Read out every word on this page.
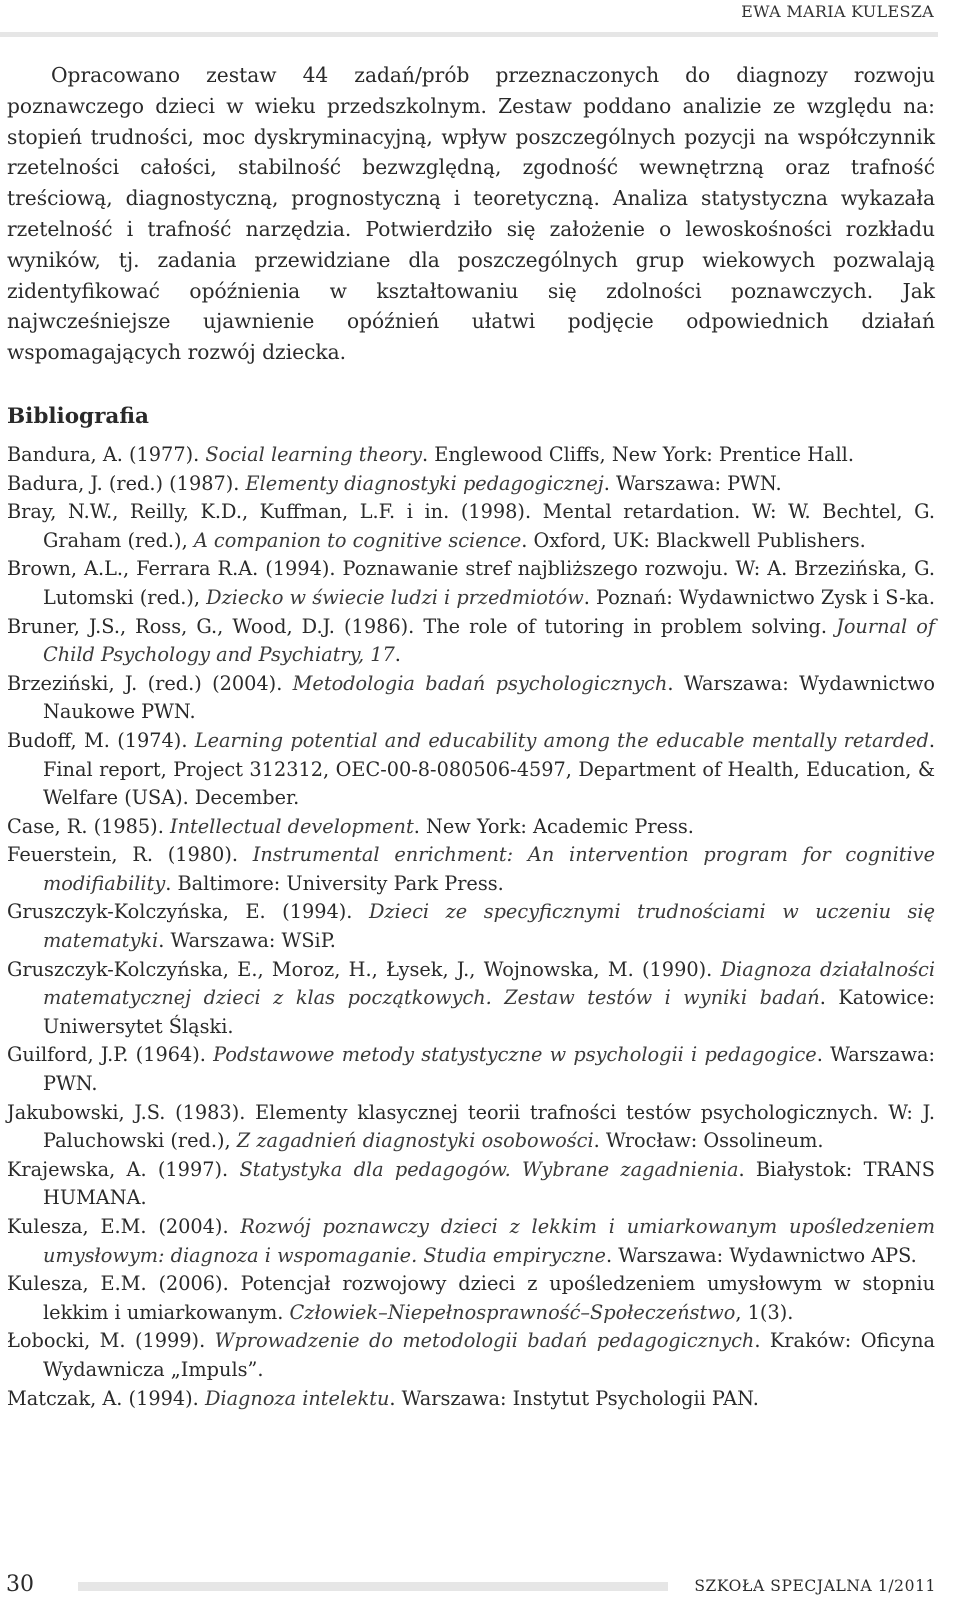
EWA MARIA KULESZA

Opracowano zestaw 44 zadań/prób przeznaczonych do diagnozy rozwoju poznawczego dzieci w wieku przedszkolnym. Zestaw poddano analizie ze względu na: stopień trudności, moc dyskryminacyjną, wpływ poszczególnych pozycji na współczynnik rzetelności całości, stabilność bezwzględną, zgodność wewnętrzną oraz trafność treściową, diagnostyczną, prognostyczną i teoretyczną. Analiza statystyczna wykazała rzetelność i trafność narzędzia. Potwierdziło się założenie o lewoskośności rozkładu wyników, tj. zadania przewidziane dla poszczególnych grup wiekowych pozwalają zidentyfikować opóźnienia w kształtowaniu się zdolności poznawczych. Jak najwcześniejsze ujawnienie opóźnień ułatwi podjęcie odpowiednich działań wspomagających rozwój dziecka.

Bibliografia
Bandura, A. (1977). Social learning theory. Englewood Cliffs, New York: Prentice Hall.
Badura, J. (red.) (1987). Elementy diagnostyki pedagogicznej. Warszawa: PWN.
Bray, N.W., Reilly, K.D., Kuffman, L.F. i in. (1998). Mental retardation. W: W. Bechtel, G. Graham (red.), A companion to cognitive science. Oxford, UK: Blackwell Publishers.
Brown, A.L., Ferrara R.A. (1994). Poznawanie stref najbliższego rozwoju. W: A. Brzezińska, G. Lutomski (red.), Dziecko w świecie ludzi i przedmiotów. Poznań: Wydawnictwo Zysk i S-ka.
Bruner, J.S., Ross, G., Wood, D.J. (1986). The role of tutoring in problem solving. Journal of Child Psychology and Psychiatry, 17.
Brzeziński, J. (red.) (2004). Metodologia badań psychologicznych. Warszawa: Wydawnictwo Naukowe PWN.
Budoff, M. (1974). Learning potential and educability among the educable mentally retarded. Final report, Project 312312, OEC-00-8-080506-4597, Department of Health, Education, & Welfare (USA). December.
Case, R. (1985). Intellectual development. New York: Academic Press.
Feuerstein, R. (1980). Instrumental enrichment: An intervention program for cognitive modifiability. Baltimore: University Park Press.
Gruszczyk-Kolczyńska, E. (1994). Dzieci ze specyficznymi trudnościami w uczeniu się matematyki. Warszawa: WSiP.
Gruszczyk-Kolczyńska, E., Moroz, H., Łysek, J., Wojnowska, M. (1990). Diagnoza działalności matematycznej dzieci z klas początkowych. Zestaw testów i wyniki badań. Katowice: Uniwersytet Śląski.
Guilford, J.P. (1964). Podstawowe metody statystyczne w psychologii i pedagogice. Warszawa: PWN.
Jakubowski, J.S. (1983). Elementy klasycznej teorii trafności testów psychologicznych. W: J. Paluchowski (red.), Z zagadnień diagnostyki osobowości. Wrocław: Ossolineum.
Krajewska, A. (1997). Statystyka dla pedagogów. Wybrane zagadnienia. Białystok: TRANS HUMANA.
Kulesza, E.M. (2004). Rozwój poznawczy dzieci z lekkim i umiarkowanym upośledzeniem umysłowym: diagnoza i wspomaganie. Studia empiryczne. Warszawa: Wydawnictwo APS.
Kulesza, E.M. (2006). Potencjał rozwojowy dzieci z upośledzeniem umysłowym w stopniu lekkim i umiarkowanym. Człowiek–Niepełnosprawność–Społeczeństwo, 1(3).
Łobocki, M. (1999). Wprowadzenie do metodologii badań pedagogicznych. Kraków: Oficyna Wydawnicza „Impuls”.
Matczak, A. (1994). Diagnoza intelektu. Warszawa: Instytut Psychologii PAN.
30	SZKOŁA SPECJALNA 1/2011
